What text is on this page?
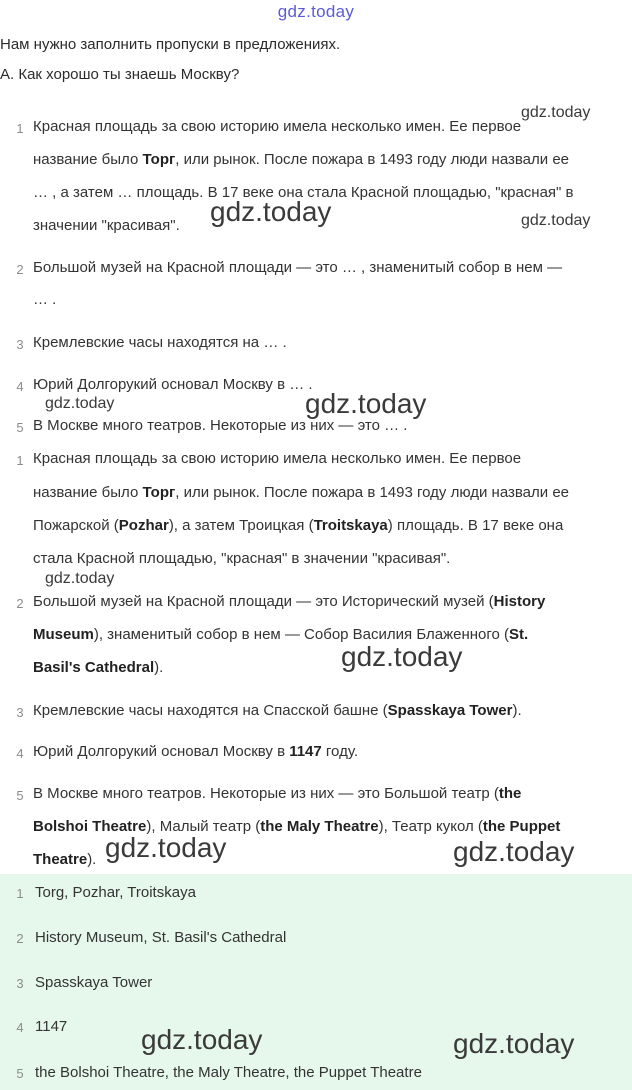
gdz.today
Нам нужно заполнить пропуски в предложениях.
А. Как хорошо ты знаешь Москву?
1 Красная площадь за свою историю имела несколько имен. Ее первое
название было Торг, или рынок. После пожара в 1493 году люди назвали ее
… , а затем … площадь. В 17 веке она стала Красной площадью, "красная" в
значении "красивая".
2 Большой музей на Красной площади — это … , знаменитый собор в нем —
… .
3 Кремлевские часы находятся на … .
4 Юрий Долгорукий основал Москву в … .
5 В Москве много театров. Некоторые из них — это … .
1 Красная площадь за свою историю имела несколько имен. Ее первое
название было Торг, или рынок. После пожара в 1493 году люди назвали ее
Пожарской (Pozhar), а затем Троицкая (Troitskaya) площадь. В 17 веке она
стала Красной площадью, "красная" в значении "красивая".
2 Большой музей на Красной площади — это Исторический музей (History
Museum), знаменитый собор в нем — Собор Василия Блаженного (St.
Basil's Cathedral).
3 Кремлевские часы находятся на Спасской башне (Spasskaya Tower).
4 Юрий Долгорукий основал Москву в 1147 году.
5 В Москве много театров. Некоторые из них — это Большой театр (the
Bolshoi Theatre), Малый театр (the Maly Theatre), Театр кукол (the Puppet
Theatre).
1 Torg, Pozhar, Troitskaya
2 History Museum, St. Basil's Cathedral
3 Spasskaya Tower
4 1147
5 the Bolshoi Theatre, the Maly Theatre, the Puppet Theatre
gdz.today
gdz.today	gdz.today
gdz.today	gdz.today
gdz.today
gdz.today
gdz.today	gdz.today
gdz.today	gdz.today
